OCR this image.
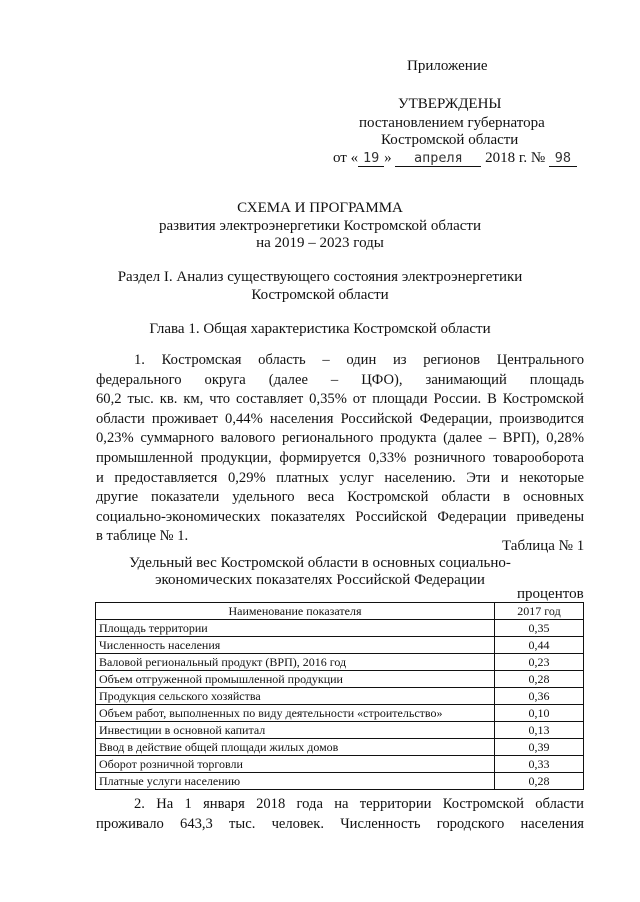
Приложение
УТВЕРЖДЕНЫ
постановлением губернатора
Костромской области
от « 19 » апреля 2018 г. № 98
СХЕМА И ПРОГРАММА
развития электроэнергетики Костромской области
на 2019 – 2023 годы
Раздел I. Анализ существующего состояния электроэнергетики
Костромской области
Глава 1. Общая характеристика Костромской области
1. Костромская область – один из регионов Центрального
федерального округа (далее – ЦФО), занимающий площадь
60,2 тыс. кв. км, что составляет 0,35% от площади России. В Костромской
области проживает 0,44% населения Российской Федерации, производится
0,23% суммарного валового регионального продукта (далее – ВРП), 0,28%
промышленной продукции, формируется 0,33% розничного товарооборота
и предоставляется 0,29% платных услуг населению. Эти и некоторые
другие показатели удельного веса Костромской области в основных
социально-экономических показателях Российской Федерации приведены
в таблице № 1.
Таблица № 1
Удельный вес Костромской области в основных социально-
экономических показателях Российской Федерации
процентов
Наименование показателя	2017 год
Площадь территории	0,35
Численность населения	0,44
Валовой региональный продукт (ВРП), 2016 год	0,23
Объем отгруженной промышленной продукции	0,28
Продукция сельского хозяйства	0,36
Объем работ, выполненных по виду деятельности «строительство»	0,10
Инвестиции в основной капитал	0,13
Ввод в действие общей площади жилых домов	0,39
Оборот розничной торговли	0,33
Платные услуги населению	0,28
2. На 1 января 2018 года на территории Костромской области
проживало 643,3 тыс. человек. Численность городского населения
